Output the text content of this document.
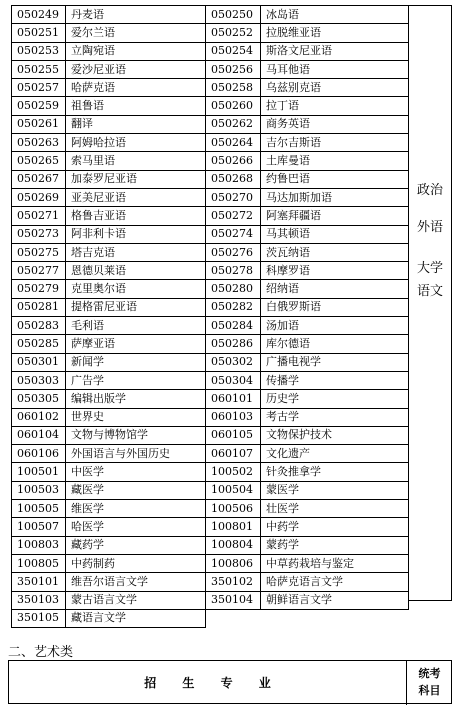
050249	丹麦语	050250	冰岛语
050251	爱尔兰语	050252	拉脱维亚语
050253	立陶宛语	050254	斯洛文尼亚语
050255	爱沙尼亚语	050256	马耳他语
050257	哈萨克语	050258	乌兹别克语
050259	祖鲁语	050260	拉丁语
050261	翻译	050262	商务英语
050263	阿姆哈拉语	050264	吉尔吉斯语
050265	索马里语	050266	土库曼语
050267	加泰罗尼亚语	050268	约鲁巴语
050269	亚美尼亚语	050270	马达加斯加语
050271	格鲁吉亚语	050272	阿塞拜疆语
050273	阿非利卡语	050274	马其顿语
050275	塔吉克语	050276	茨瓦纳语
050277	恩德贝莱语	050278	科摩罗语
050279	克里奥尔语	050280	绍纳语
050281	提格雷尼亚语	050282	白俄罗斯语
050283	毛利语	050284	汤加语
050285	萨摩亚语	050286	库尔德语
050301	新闻学	050302	广播电视学
050303	广告学	050304	传播学
050305	编辑出版学	060101	历史学
060102	世界史	060103	考古学
060104	文物与博物馆学	060105	文物保护技术
060106	外国语言与外国历史	060107	文化遗产
100501	中医学	100502	针灸推拿学
100503	藏医学	100504	蒙医学
100505	维医学	100506	壮医学
100507	哈医学	100801	中药学
100803	藏药学	100804	蒙药学
100805	中药制药	100806	中草药栽培与鉴定
350101	维吾尔语言文学	350102	哈萨克语言文学
350103	蒙古语言文学	350104	朝鲜语言文学
350105	藏语言文学		
政治
外语
大学
语文
二、艺术类
招 生 专 业
统考
科目
